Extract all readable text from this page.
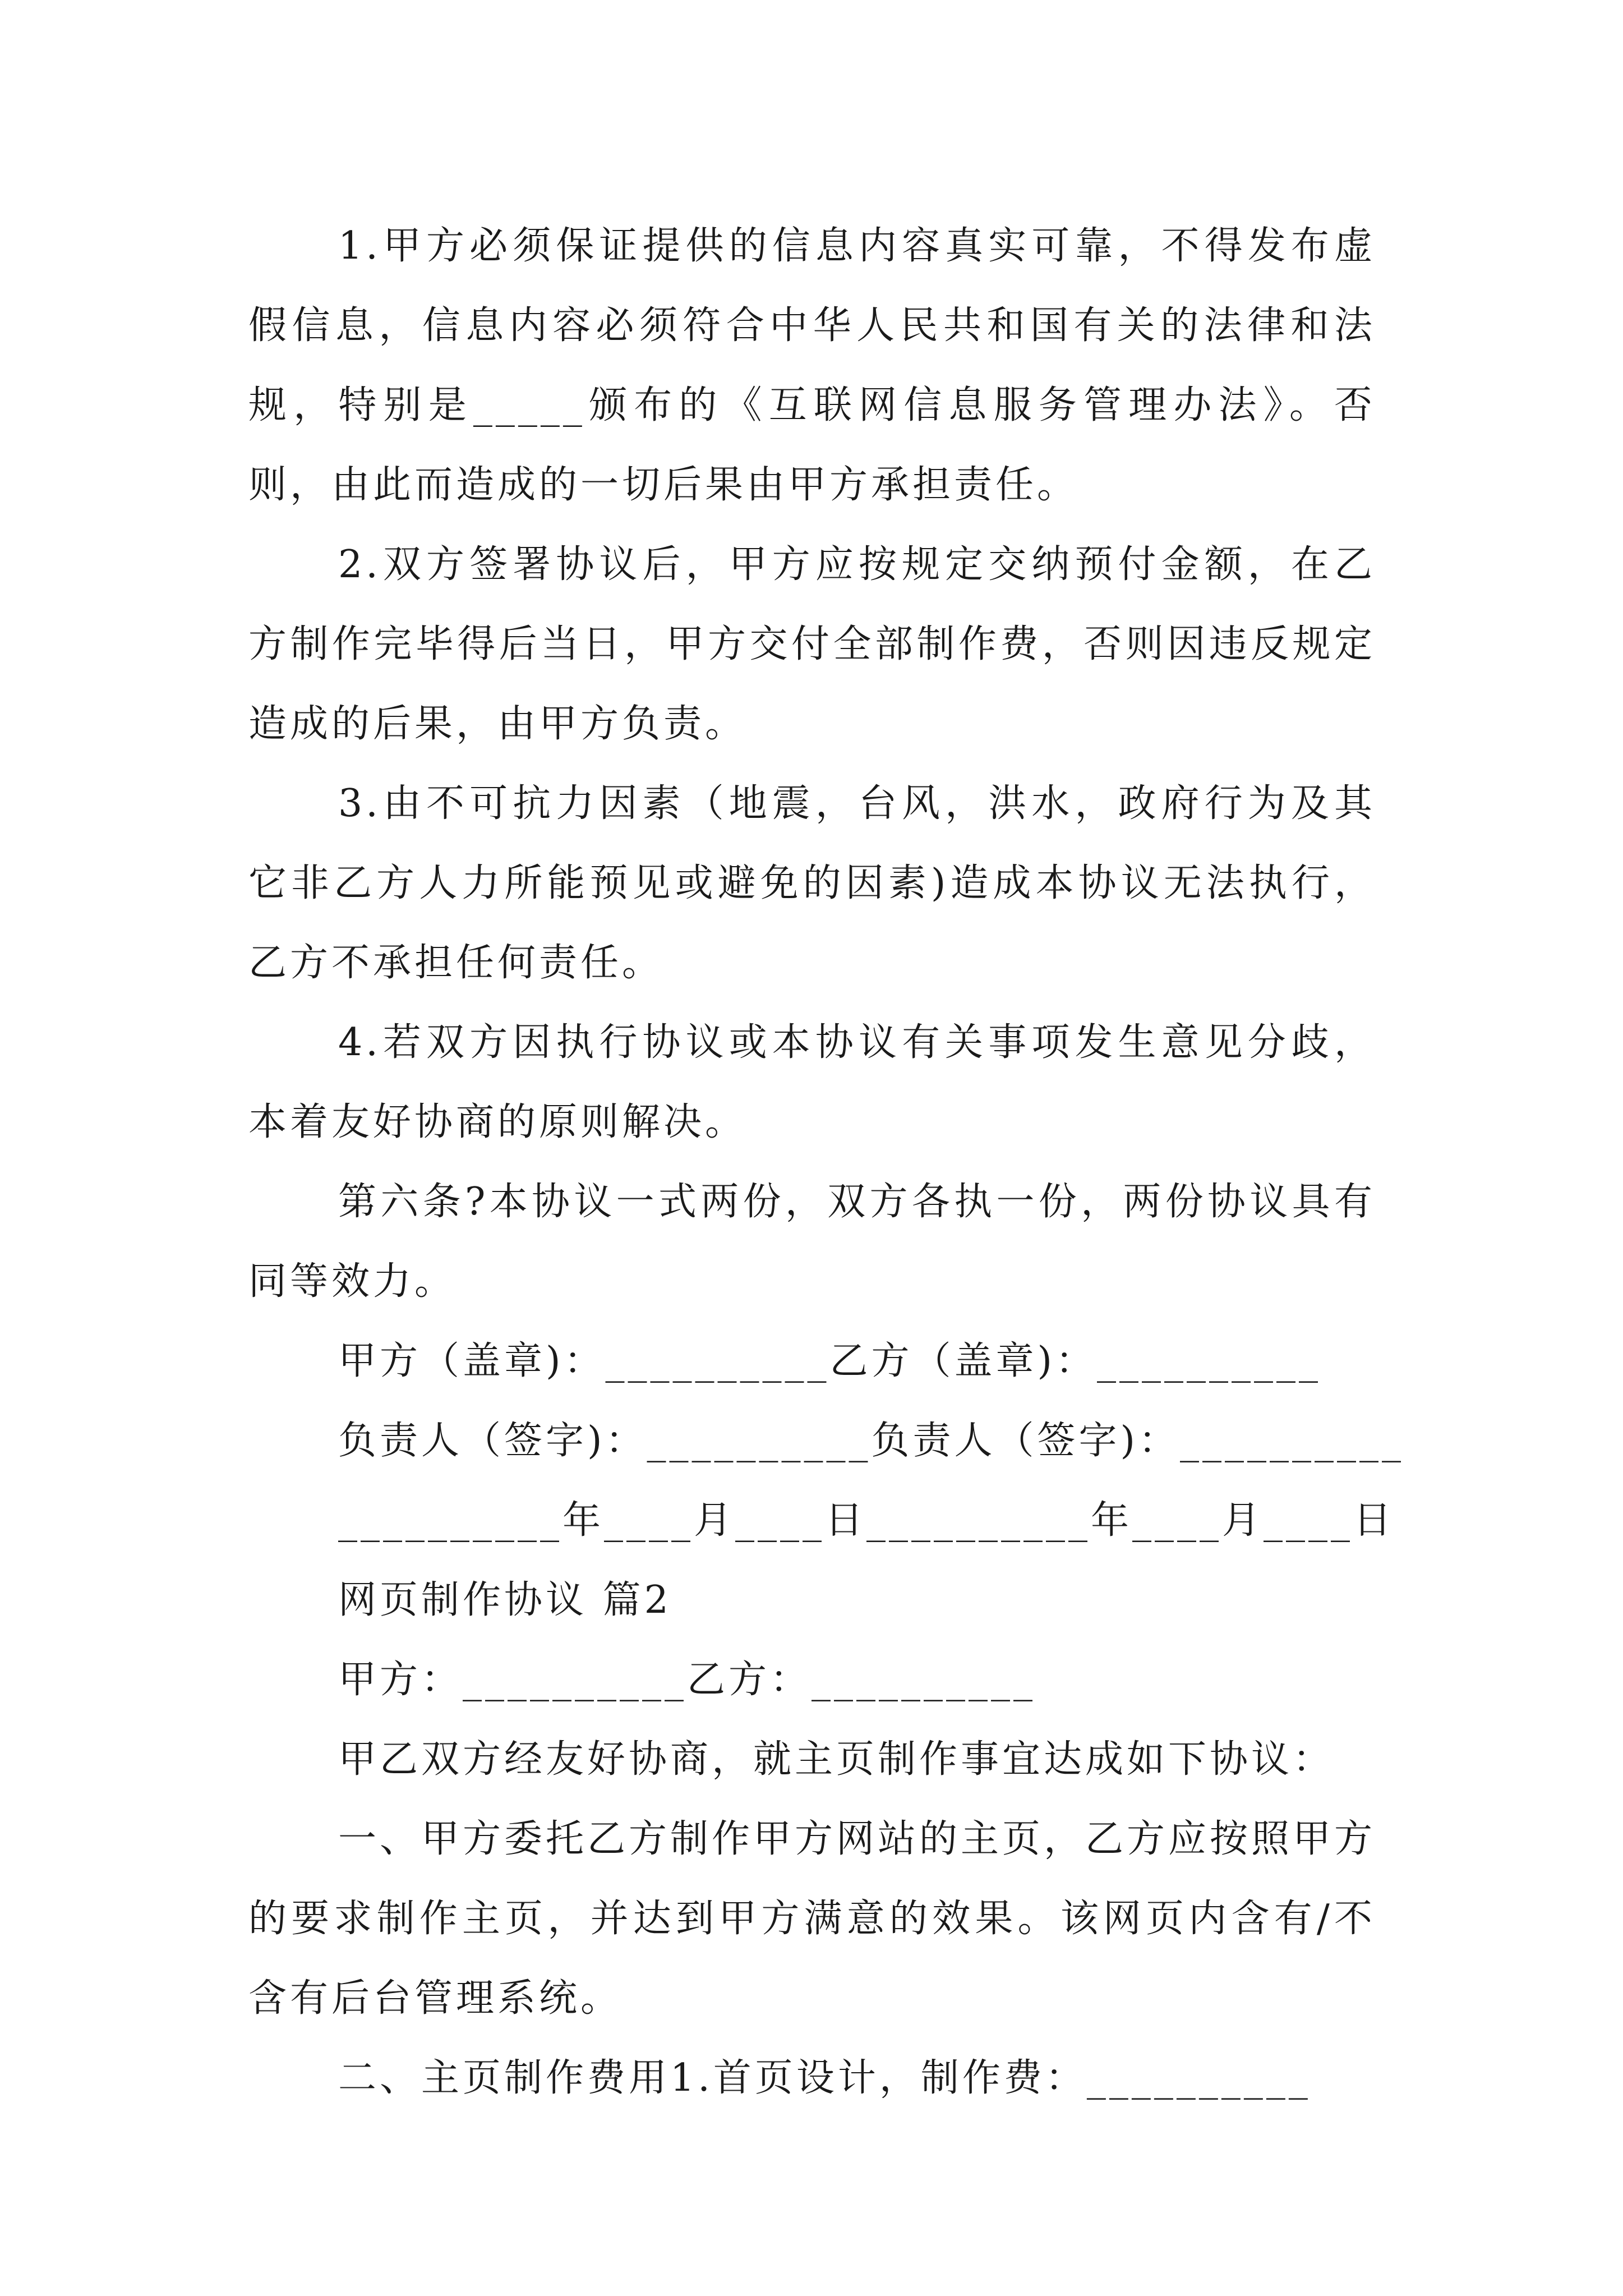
1.甲方必须保证提供的信息内容真实可靠，不得发布虚假信息，信息内容必须符合中华人民共和国有关的法律和法规，特别是_____颁布的《互联网信息服务管理办法》。否则，由此而造成的一切后果由甲方承担责任。

2.双方签署协议后，甲方应按规定交纳预付金额，在乙方制作完毕得后当日，甲方交付全部制作费，否则因违反规定造成的后果，由甲方负责。

3.由不可抗力因素（地震，台风，洪水，政府行为及其它非乙方人力所能预见或避免的因素)造成本协议无法执行，乙方不承担任何责任。

4.若双方因执行协议或本协议有关事项发生意见分歧，本着友好协商的原则解决。

第六条?本协议一式两份，双方各执一份，两份协议具有同等效力。

甲方（盖章)：__________乙方（盖章)：__________

负责人（签字)：__________负责人（签字)：__________

__________年____月____日__________年____月____日

网页制作协议 篇2

甲方：__________乙方：__________

甲乙双方经友好协商，就主页制作事宜达成如下协议：

一、甲方委托乙方制作甲方网站的主页，乙方应按照甲方的要求制作主页，并达到甲方满意的效果。该网页内含有/不含有后台管理系统。

二、主页制作费用1.首页设计，制作费：__________
